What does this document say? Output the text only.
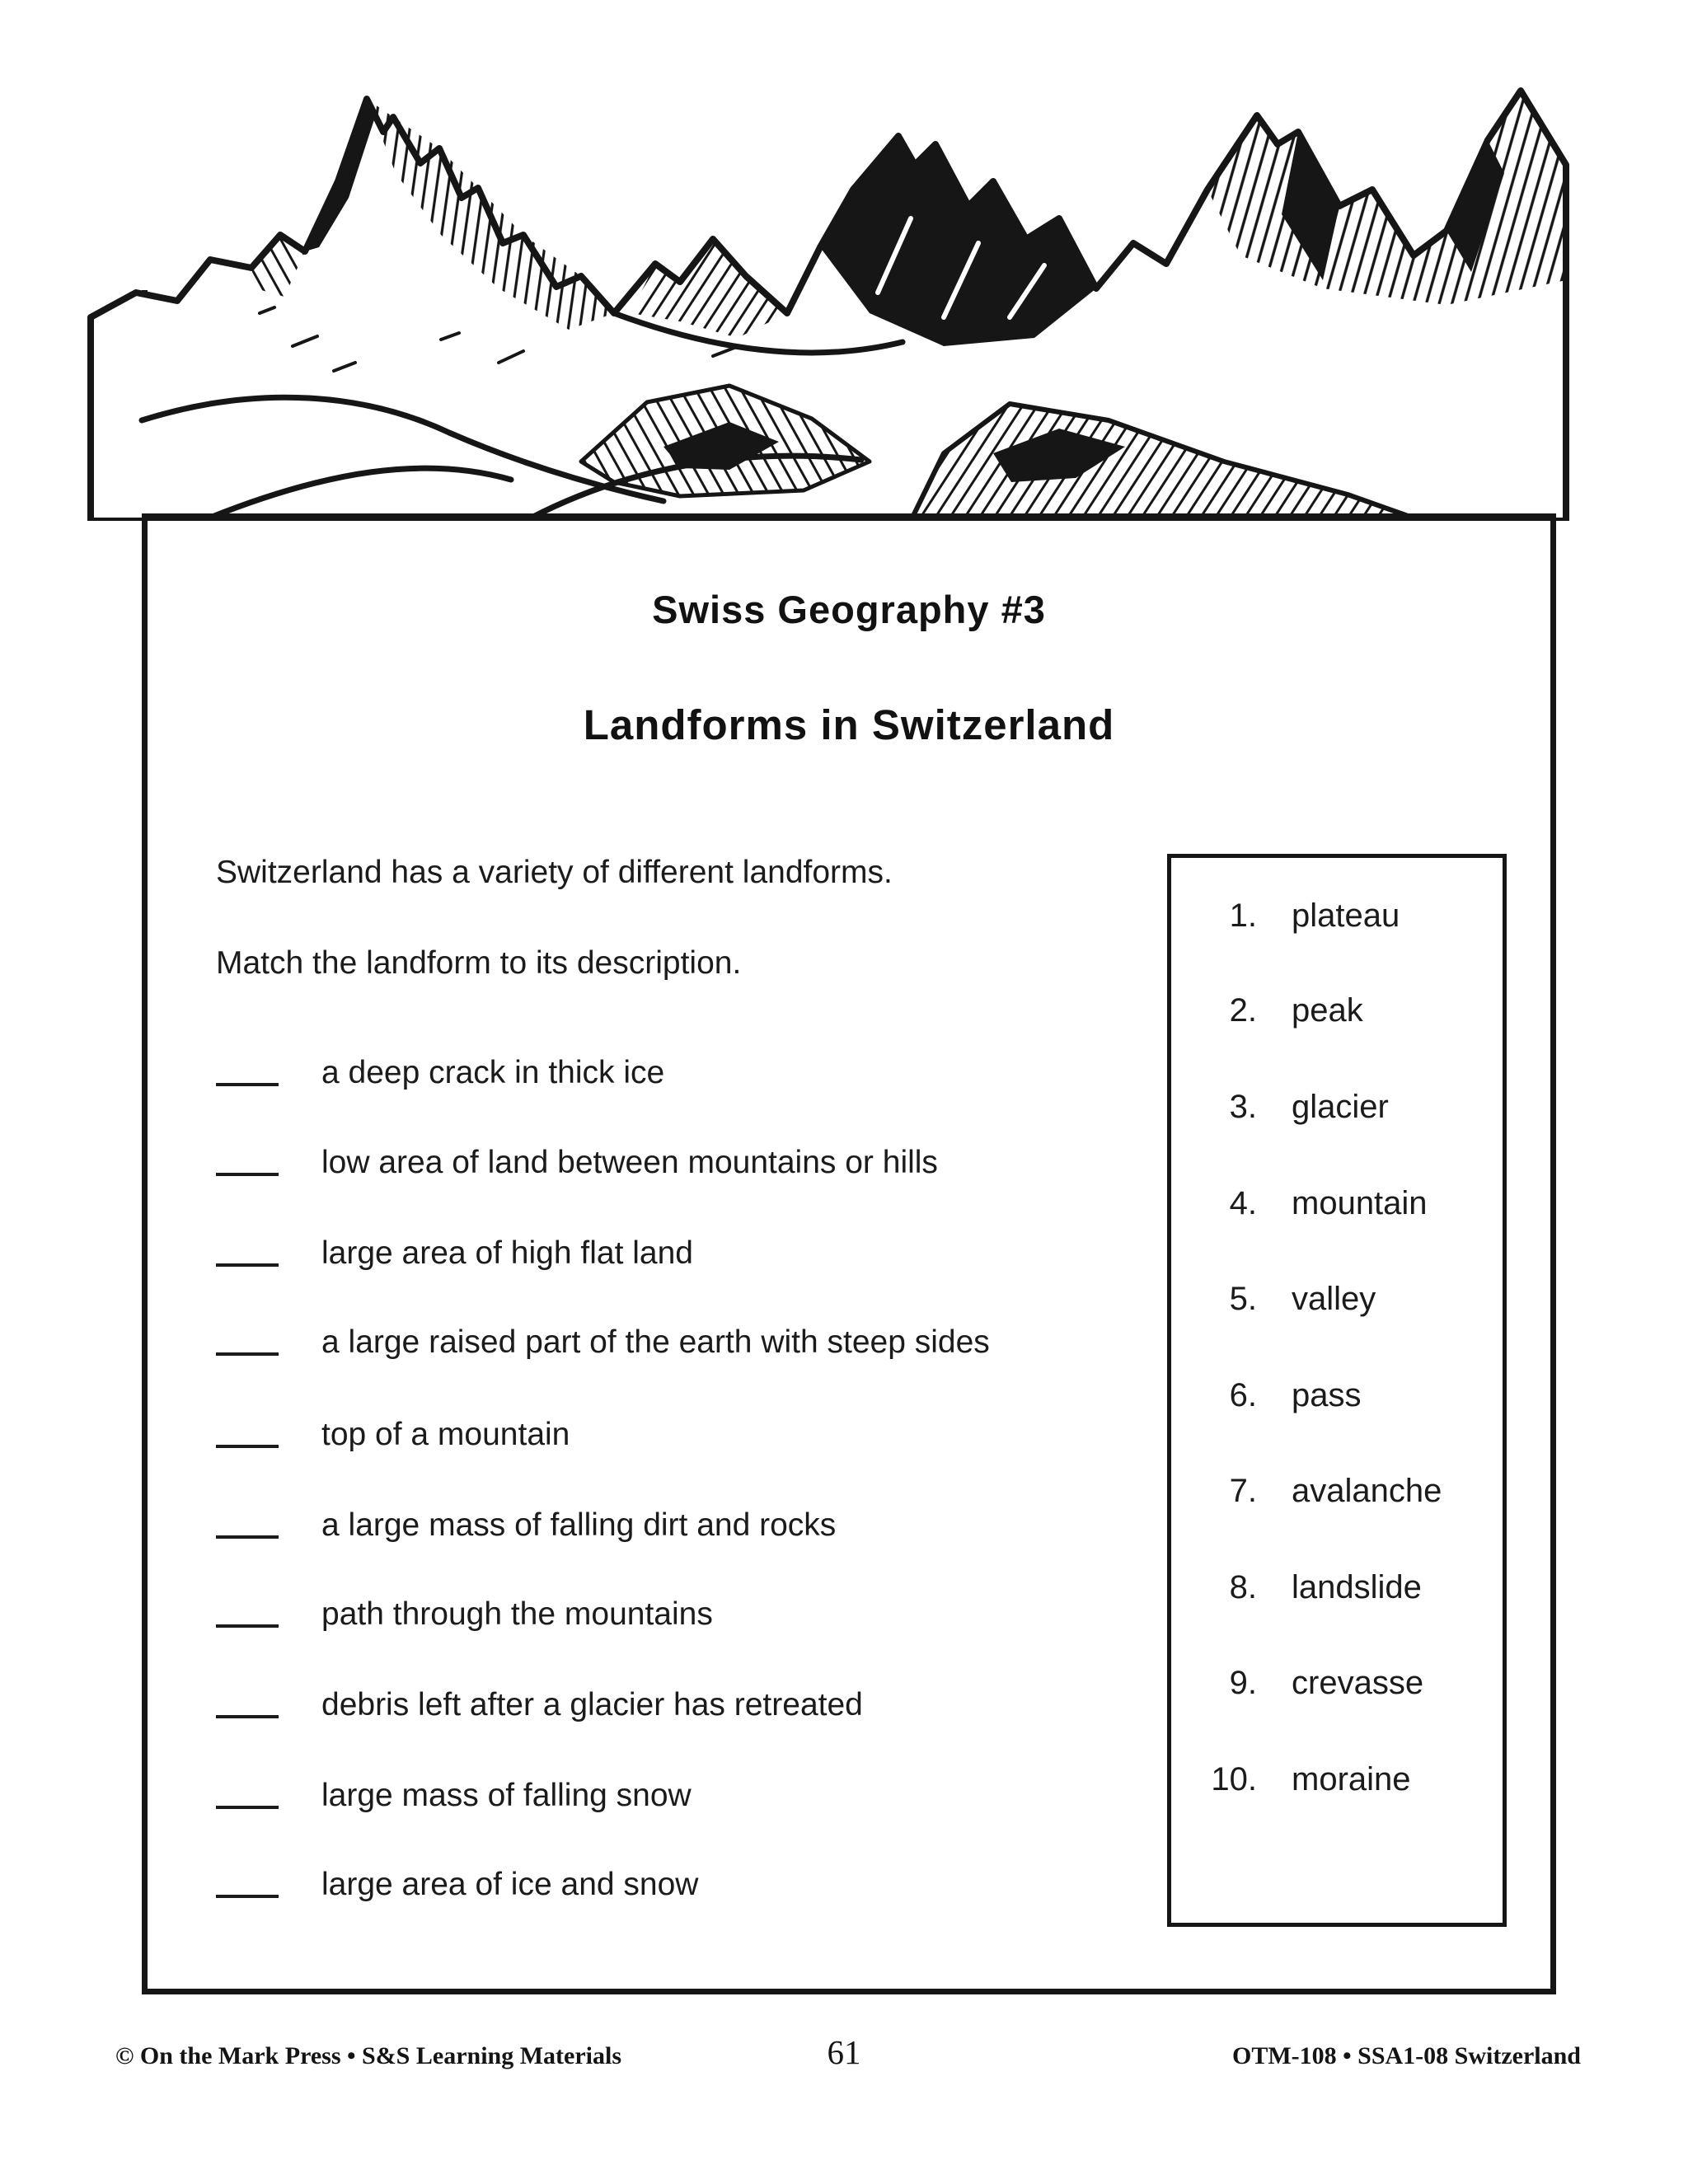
Swiss Geography #3
Landforms in Switzerland
Switzerland has a variety of different landforms.
Match the landform to its description.
a deep crack in thick ice
low area of land between mountains or hills
large area of high flat land
a large raised part of the earth with steep sides
top of a mountain
a large mass of falling dirt and rocks
path through the mountains
debris left after a glacier has retreated
large mass of falling snow
large area of ice and snow
1. plateau
2. peak
3. glacier
4. mountain
5. valley
6. pass
7. avalanche
8. landslide
9. crevasse
10. moraine
© On the Mark Press • S&S Learning Materials	61	OTM-108 • SSA1-08 Switzerland
